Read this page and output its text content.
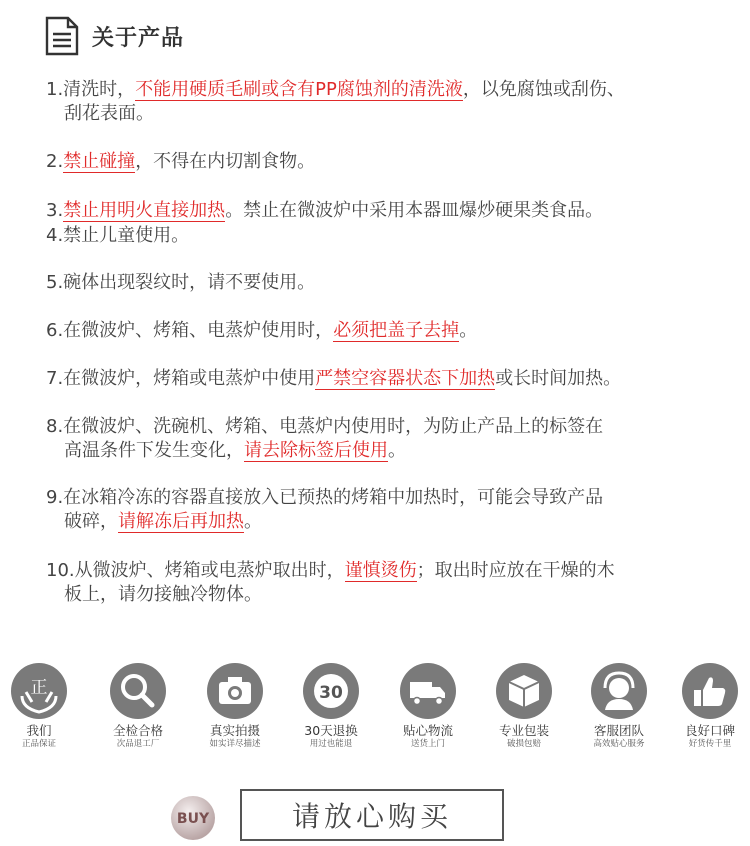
关于产品
1.清洗时，不能用硬质毛刷或含有PP腐蚀剂的清洗液，以免腐蚀或刮伤、
刮花表面。
2.禁止碰撞，不得在内切割食物。
3.禁止用明火直接加热。禁止在微波炉中采用本器皿爆炒硬果类食品。
4.禁止儿童使用。
5.碗体出现裂纹时，请不要使用。
6.在微波炉、烤箱、电蒸炉使用时，必须把盖子去掉。
7.在微波炉，烤箱或电蒸炉中使用严禁空容器状态下加热或长时间加热。
8.在微波炉、洗碗机、烤箱、电蒸炉内使用时，为防止产品上的标签在
高温条件下发生变化，请去除标签后使用。
9.在冰箱冷冻的容器直接放入已预热的烤箱中加热时，可能会导致产品
破碎，请解冻后再加热。
10.从微波炉、烤箱或电蒸炉取出时，谨慎烫伤；取出时应放在干燥的木
板上，请勿接触冷物体。
正
我们
正品保证
全检合格
次品退工厂
真实拍摄
如实详尽描述
30
30天退换
用过也能退
贴心物流
送货上门
专业包装
破损包赔
客服团队
高效贴心服务
良好口碑
好货传千里
BUY	请放心购买
